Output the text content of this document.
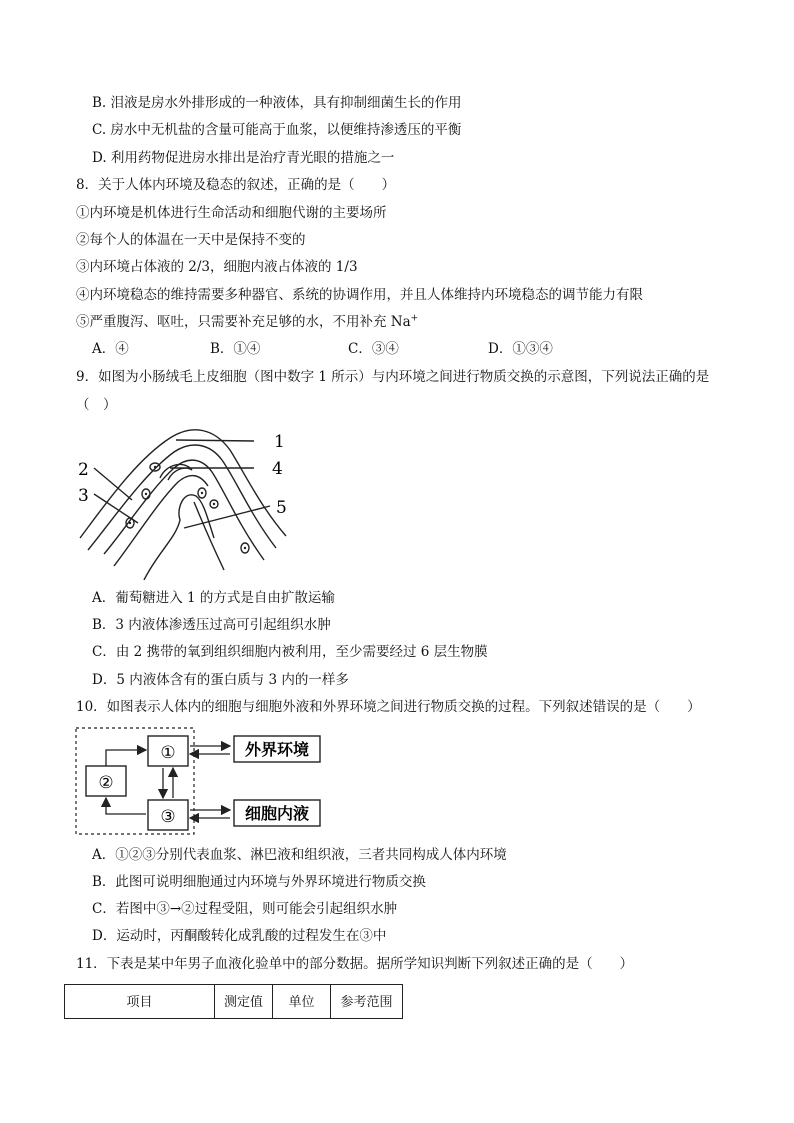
B. 泪液是房水外排形成的一种液体，具有抑制细菌生长的作用
C. 房水中无机盐的含量可能高于血浆，以便维持渗透压的平衡
D. 利用药物促进房水排出是治疗青光眼的措施之一
8．关于人体内环境及稳态的叙述，正确的是（　　）
①内环境是机体进行生命活动和细胞代谢的主要场所
②每个人的体温在一天中是保持不变的
③内环境占体液的 2/3，细胞内液占体液的 1/3
④内环境稳态的维持需要多种器官、系统的协调作用，并且人体维持内环境稳态的调节能力有限
⑤严重腹泻、呕吐，只需要补充足够的水，不用补充 Na+
A．④	B．①④	C．③④	D．①③④
9．如图为小肠绒毛上皮细胞（图中数字 1 所示）与内环境之间进行物质交换的示意图，下列说法正确的是
（　）
1
2
3
4
5
A．葡萄糖进入 1 的方式是自由扩散运输
B．3 内液体渗透压过高可引起组织水肿
C．由 2 携带的氧到组织细胞内被利用，至少需要经过 6 层生物膜
D．5 内液体含有的蛋白质与 3 内的一样多
10．如图表示人体内的细胞与细胞外液和外界环境之间进行物质交换的过程。下列叙述错误的是（　　）
①
②
③
外界环境
细胞内液
A．①②③分别代表血浆、淋巴液和组织液，三者共同构成人体内环境
B．此图可说明细胞通过内环境与外界环境进行物质交换
C．若图中③→②过程受阻，则可能会引起组织水肿
D．运动时，丙酮酸转化成乳酸的过程发生在③中
11．下表是某中年男子血液化验单中的部分数据。据所学知识判断下列叙述正确的是（　　）
项目	测定值	单位	参考范围
